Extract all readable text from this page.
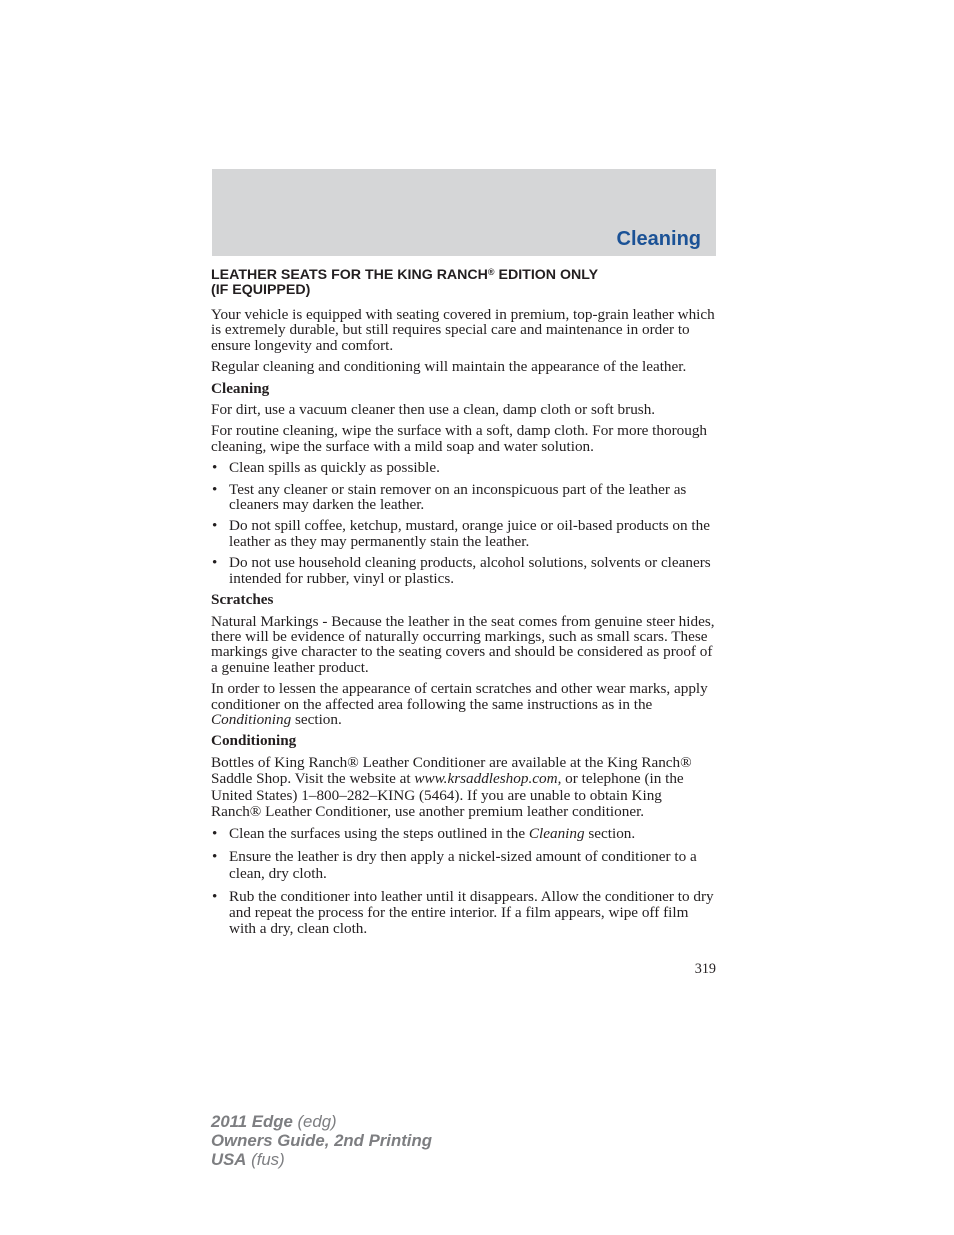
Cleaning
LEATHER SEATS FOR THE KING RANCH® EDITION ONLY
(IF EQUIPPED)

Your vehicle is equipped with seating covered in premium, top-grain leather which is extremely durable, but still requires special care and maintenance in order to ensure longevity and comfort.

Regular cleaning and conditioning will maintain the appearance of the leather.

Cleaning

For dirt, use a vacuum cleaner then use a clean, damp cloth or soft brush.

For routine cleaning, wipe the surface with a soft, damp cloth. For more thorough cleaning, wipe the surface with a mild soap and water solution.

• Clean spills as quickly as possible.
• Test any cleaner or stain remover on an inconspicuous part of the leather as cleaners may darken the leather.
• Do not spill coffee, ketchup, mustard, orange juice or oil-based products on the leather as they may permanently stain the leather.
• Do not use household cleaning products, alcohol solutions, solvents or cleaners intended for rubber, vinyl or plastics.
Scratches

Natural Markings - Because the leather in the seat comes from genuine steer hides, there will be evidence of naturally occurring markings, such as small scars. These markings give character to the seating covers and should be considered as proof of a genuine leather product.

In order to lessen the appearance of certain scratches and other wear marks, apply conditioner on the affected area following the same instructions as in the Conditioning section.

Conditioning

Bottles of King Ranch® Leather Conditioner are available at the King Ranch® Saddle Shop. Visit the website at www.krsaddleshop.com, or telephone (in the United States) 1–800–282–KING (5464). If you are unable to obtain King Ranch® Leather Conditioner, use another premium leather conditioner.

• Clean the surfaces using the steps outlined in the Cleaning section.
• Ensure the leather is dry then apply a nickel-sized amount of conditioner to a clean, dry cloth.
• Rub the conditioner into leather until it disappears. Allow the conditioner to dry and repeat the process for the entire interior. If a film appears, wipe off film with a dry, clean cloth.
319
2011 Edge (edg)
Owners Guide, 2nd Printing
USA (fus)
